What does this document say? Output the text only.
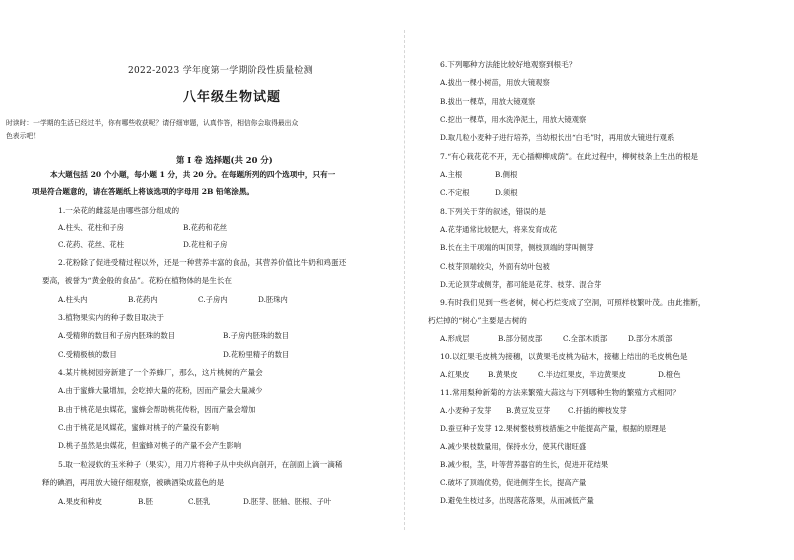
2022-2023 学年度第一学期阶段性质量检测
八年级生物试题
时读时：一学期的生活已经过半，你有哪些收获呢？请仔细审题，认真作答，相信你会取得最出众
色表示吧！
第 I 卷 选择题(共 20 分)
本大题包括 20 个小题，每小题 1 分，共 20 分。在每题所列的四个选项中，只有一
项是符合题意的，请在答题纸上将该选项的字母用 2B 铅笔涂黑。
1.一朵花的雌蕊是由哪些部分组成的
A.柱头、花柱和子房	B.花药和花丝
C.花药、花丝、花柱	D.花柱和子房
2.花粉除了促进受精过程以外，还是一种营养丰富的食品，其营养价值比牛奶和鸡蛋还
要高，被誉为“黄金般的食品”。花粉在植物体的是生长在
A.柱头内	B.花药内	C.子房内	D.胚珠内
3.植物果实内的种子数目取决于
A.受精卵的数目和子房内胚珠的数目	B.子房内胚珠的数目
C.受精极核的数目	D.花粉里精子的数目
4.某片桃树园旁新建了一个养蜂厂，那么，这片桃树的产量会
A.由于蜜蜂大量增加，会吃掉大量的花粉，因而产量会大量减少
B.由于桃花是虫媒花，蜜蜂会帮助桃花传粉，因而产量会增加
C.由于桃花是风媒花，蜜蜂对桃子的产量没有影响
D.桃子虽然是虫媒花，但蜜蜂对桃子的产量不会产生影响
5.取一粒浸软的玉米种子（果实），用刀片将种子从中央纵向剖开，在剖面上滴一滴稀
释的碘酒，再用放大镜仔细观察，被碘酒染成蓝色的是
A.果皮和种皮	B.胚	C.胚乳	D.胚芽、胚轴、胚根、子叶
6.下列哪种方法能比较好地观察到根毛？
A.拔出一棵小树苗，用放大镜观察
B.拔出一棵草，用放大镜观察
C.挖出一棵草，用水洗净泥土，用放大镜观察
D.取几粒小麦种子进行培养，当幼根长出“白毛”时，再用放大镜进行观系
7.“有心栽花花不开，无心插柳柳成荫”。在此过程中，柳树枝条上生出的根是
A.主根	B.侧根
C.不定根	D.须根
8.下列关于芽的叙述，错误的是
A.花芽通常比较肥大，将来发育成花
B.长在主干项端的叫顶芽，侧枝顶端的芽叫侧芽
C.枝芽顶端较尖，外面有幼叶包被
D.无论顶芽或侧芽，都可能是花芽、枝芽、混合芽
9.有时我们见到一些老树，树心朽烂变成了空洞，可照样枝繁叶茂。由此推断，
朽烂掉的“树心”主要是古树的
A.形成层	B.部分韧皮部	C.全部木质部	D.部分木质部
10.以红果毛皮桃为接穗，以黄果毛皮桃为砧木，接穗上结出的毛皮桃色是
A.红果皮	B.黄果皮	C.半边红果皮，半边黄果皮	D.橙色
11.常用梨种新菊的方法来繁殖大蒜这与下列哪种生物的繁殖方式相同？
A.小麦种子发芽 B.黄豆发豆芽 C.扦插的柳枝发芽
D.蚕豆种子发芽 12.果树整枝剪枝措施之中能提高产量，根据的原理是
A.减少果枝数量用，保持水分，使其代谢旺盛
B.减少根，茎，叶等营养器官的生长，促进开花结果
C.破坏了顶端优势，促进侧芽生长，提高产量
D.避免生枝过多，出现落花落果，从而减低产量
